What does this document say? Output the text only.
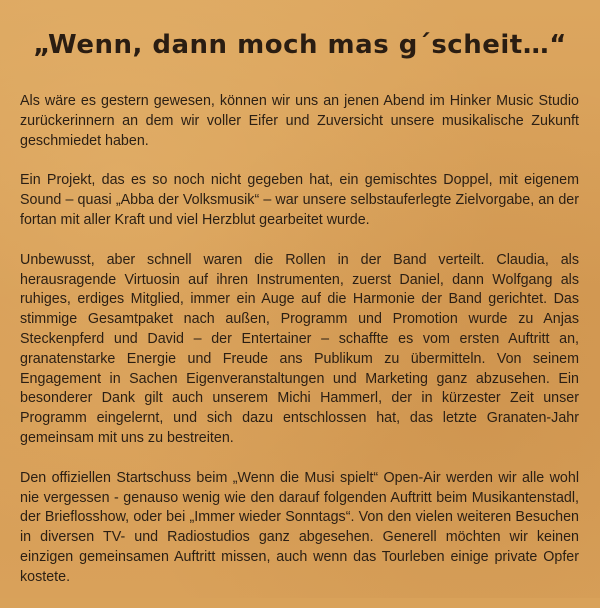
„Wenn, dann moch mas g´scheit…“

Als wäre es gestern gewesen, können wir uns an jenen Abend im Hinker Music Studio zurückerinnern an dem wir voller Eifer und Zuversicht unsere musikalische Zukunft geschmiedet haben.

Ein Projekt, das es so noch nicht gegeben hat, ein gemischtes Doppel, mit eigenem Sound – quasi „Abba der Volksmusik“ – war unsere selbstauferlegte Zielvorgabe, an der fortan mit aller Kraft und viel Herzblut gearbeitet wurde.

Unbewusst, aber schnell waren die Rollen in der Band verteilt. Claudia, als herausragende Virtuosin auf ihren Instrumenten, zuerst Daniel, dann Wolfgang als ruhiges, erdiges Mitglied, immer ein Auge auf die Harmonie der Band gerichtet. Das stimmige Gesamtpaket nach außen, Programm und Promotion wurde zu Anjas Steckenpferd und David – der Entertainer – schaffte es vom ersten Auftritt an, granatenstarke Energie und Freude ans Publikum zu übermitteln. Von seinem Engagement in Sachen Eigenveranstaltungen und Marketing ganz abzusehen. Ein besonderer Dank gilt auch unserem Michi Hammerl, der in kürzester Zeit unser Programm eingelernt, und sich dazu entschlossen hat, das letzte Granaten-Jahr gemeinsam mit uns zu bestreiten.

Den offiziellen Startschuss beim „Wenn die Musi spielt“ Open-Air werden wir alle wohl nie vergessen - genauso wenig wie den darauf folgenden Auftritt beim Musikantenstadl, der Brieflosshow, oder bei „Immer wieder Sonntags“. Von den vielen weiteren Besuchen in diversen TV- und Radiostudios ganz abgesehen. Generell möchten wir keinen einzigen gemeinsamen Auftritt missen, auch wenn das Tourleben einige private Opfer kostete.
